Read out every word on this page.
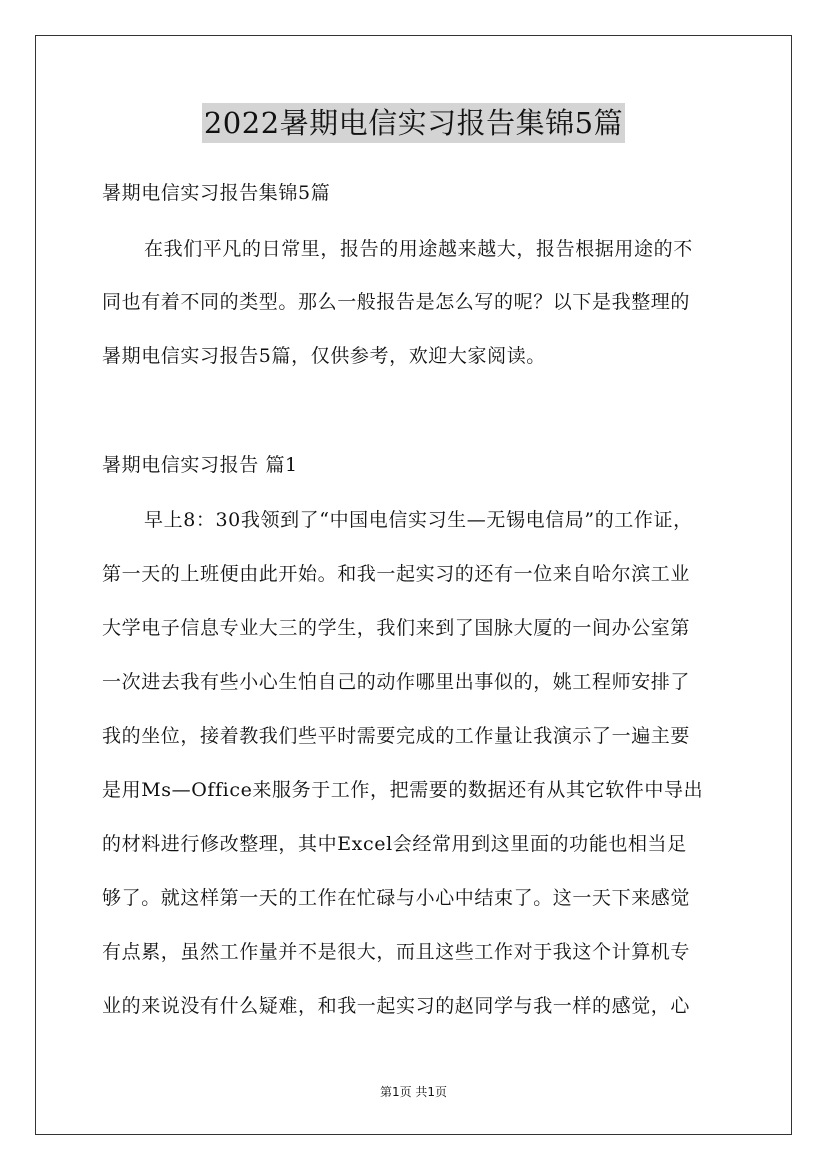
2022暑期电信实习报告集锦5篇
暑期电信实习报告集锦5篇
在我们平凡的日常里，报告的用途越来越大，报告根据用途的不
同也有着不同的类型。那么一般报告是怎么写的呢？以下是我整理的
暑期电信实习报告5篇，仅供参考，欢迎大家阅读。
暑期电信实习报告 篇1
早上8：30我领到了“中国电信实习生—无锡电信局”的工作证，
第一天的上班便由此开始。和我一起实习的还有一位来自哈尔滨工业
大学电子信息专业大三的学生，我们来到了国脉大厦的一间办公室第
一次进去我有些小心生怕自己的动作哪里出事似的，姚工程师安排了
我的坐位，接着教我们些平时需要完成的工作量让我演示了一遍主要
是用Ms—Office来服务于工作，把需要的数据还有从其它软件中导出
的材料进行修改整理，其中Excel会经常用到这里面的功能也相当足
够了。就这样第一天的工作在忙碌与小心中结束了。这一天下来感觉
有点累，虽然工作量并不是很大，而且这些工作对于我这个计算机专
业的来说没有什么疑难，和我一起实习的赵同学与我一样的感觉，心
第1页 共1页
